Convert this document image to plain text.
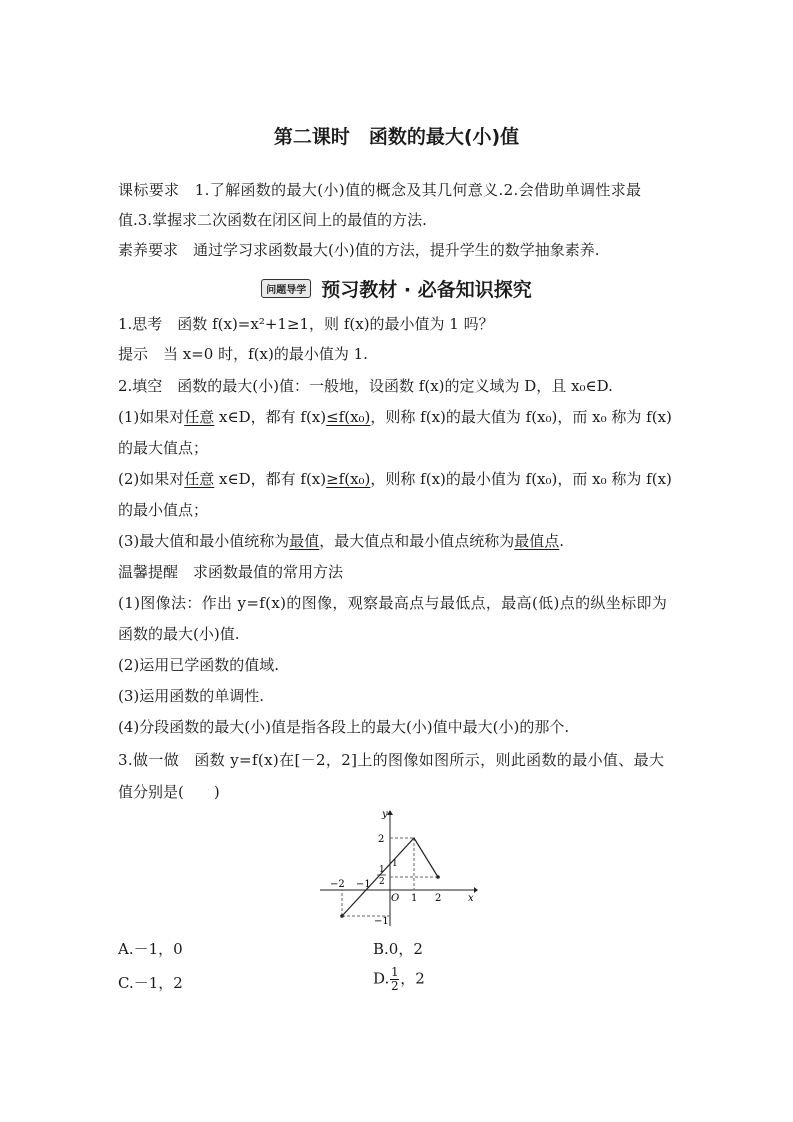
第二课时　函数的最大(小)值
课标要求　1.了解函数的最大(小)值的概念及其几何意义.2.会借助单调性求最
值.3.掌握求二次函数在闭区间上的最值的方法.
素养要求　通过学习求函数最大(小)值的方法，提升学生的数学抽象素养.
问题导学 预习教材 · 必备知识探究
1.思考　函数 f(x)=x²+1≥1，则 f(x)的最小值为 1 吗？
提示　当 x=0 时，f(x)的最小值为 1.
2.填空　函数的最大(小)值：一般地，设函数 f(x)的定义域为 D，且 x₀∈D.
(1)如果对任意 x∈D，都有 f(x)≤f(x₀)，则称 f(x)的最大值为 f(x₀)，而 x₀ 称为 f(x)
的最大值点；
(2)如果对任意 x∈D，都有 f(x)≥f(x₀)，则称 f(x)的最小值为 f(x₀)，而 x₀ 称为 f(x)
的最小值点；
(3)最大值和最小值统称为最值，最大值点和最小值点统称为最值点.
温馨提醒　求函数最值的常用方法
(1)图像法：作出 y=f(x)的图像，观察最高点与最低点，最高(低)点的纵坐标即为
函数的最大(小)值.
(2)运用已学函数的值域.
(3)运用函数的单调性.
(4)分段函数的最大(小)值是指各段上的最大(小)值中最大(小)的那个.
3.做一做　函数 y=f(x)在[－2，2]上的图像如图所示，则此函数的最小值、最大
值分别是(　　)
y
x
O
−2 −1
1 2
2
1
1
2
−1
A.－1，0	B.0，2
C.－1，2	D. $\frac{1}{2}$ ，2
